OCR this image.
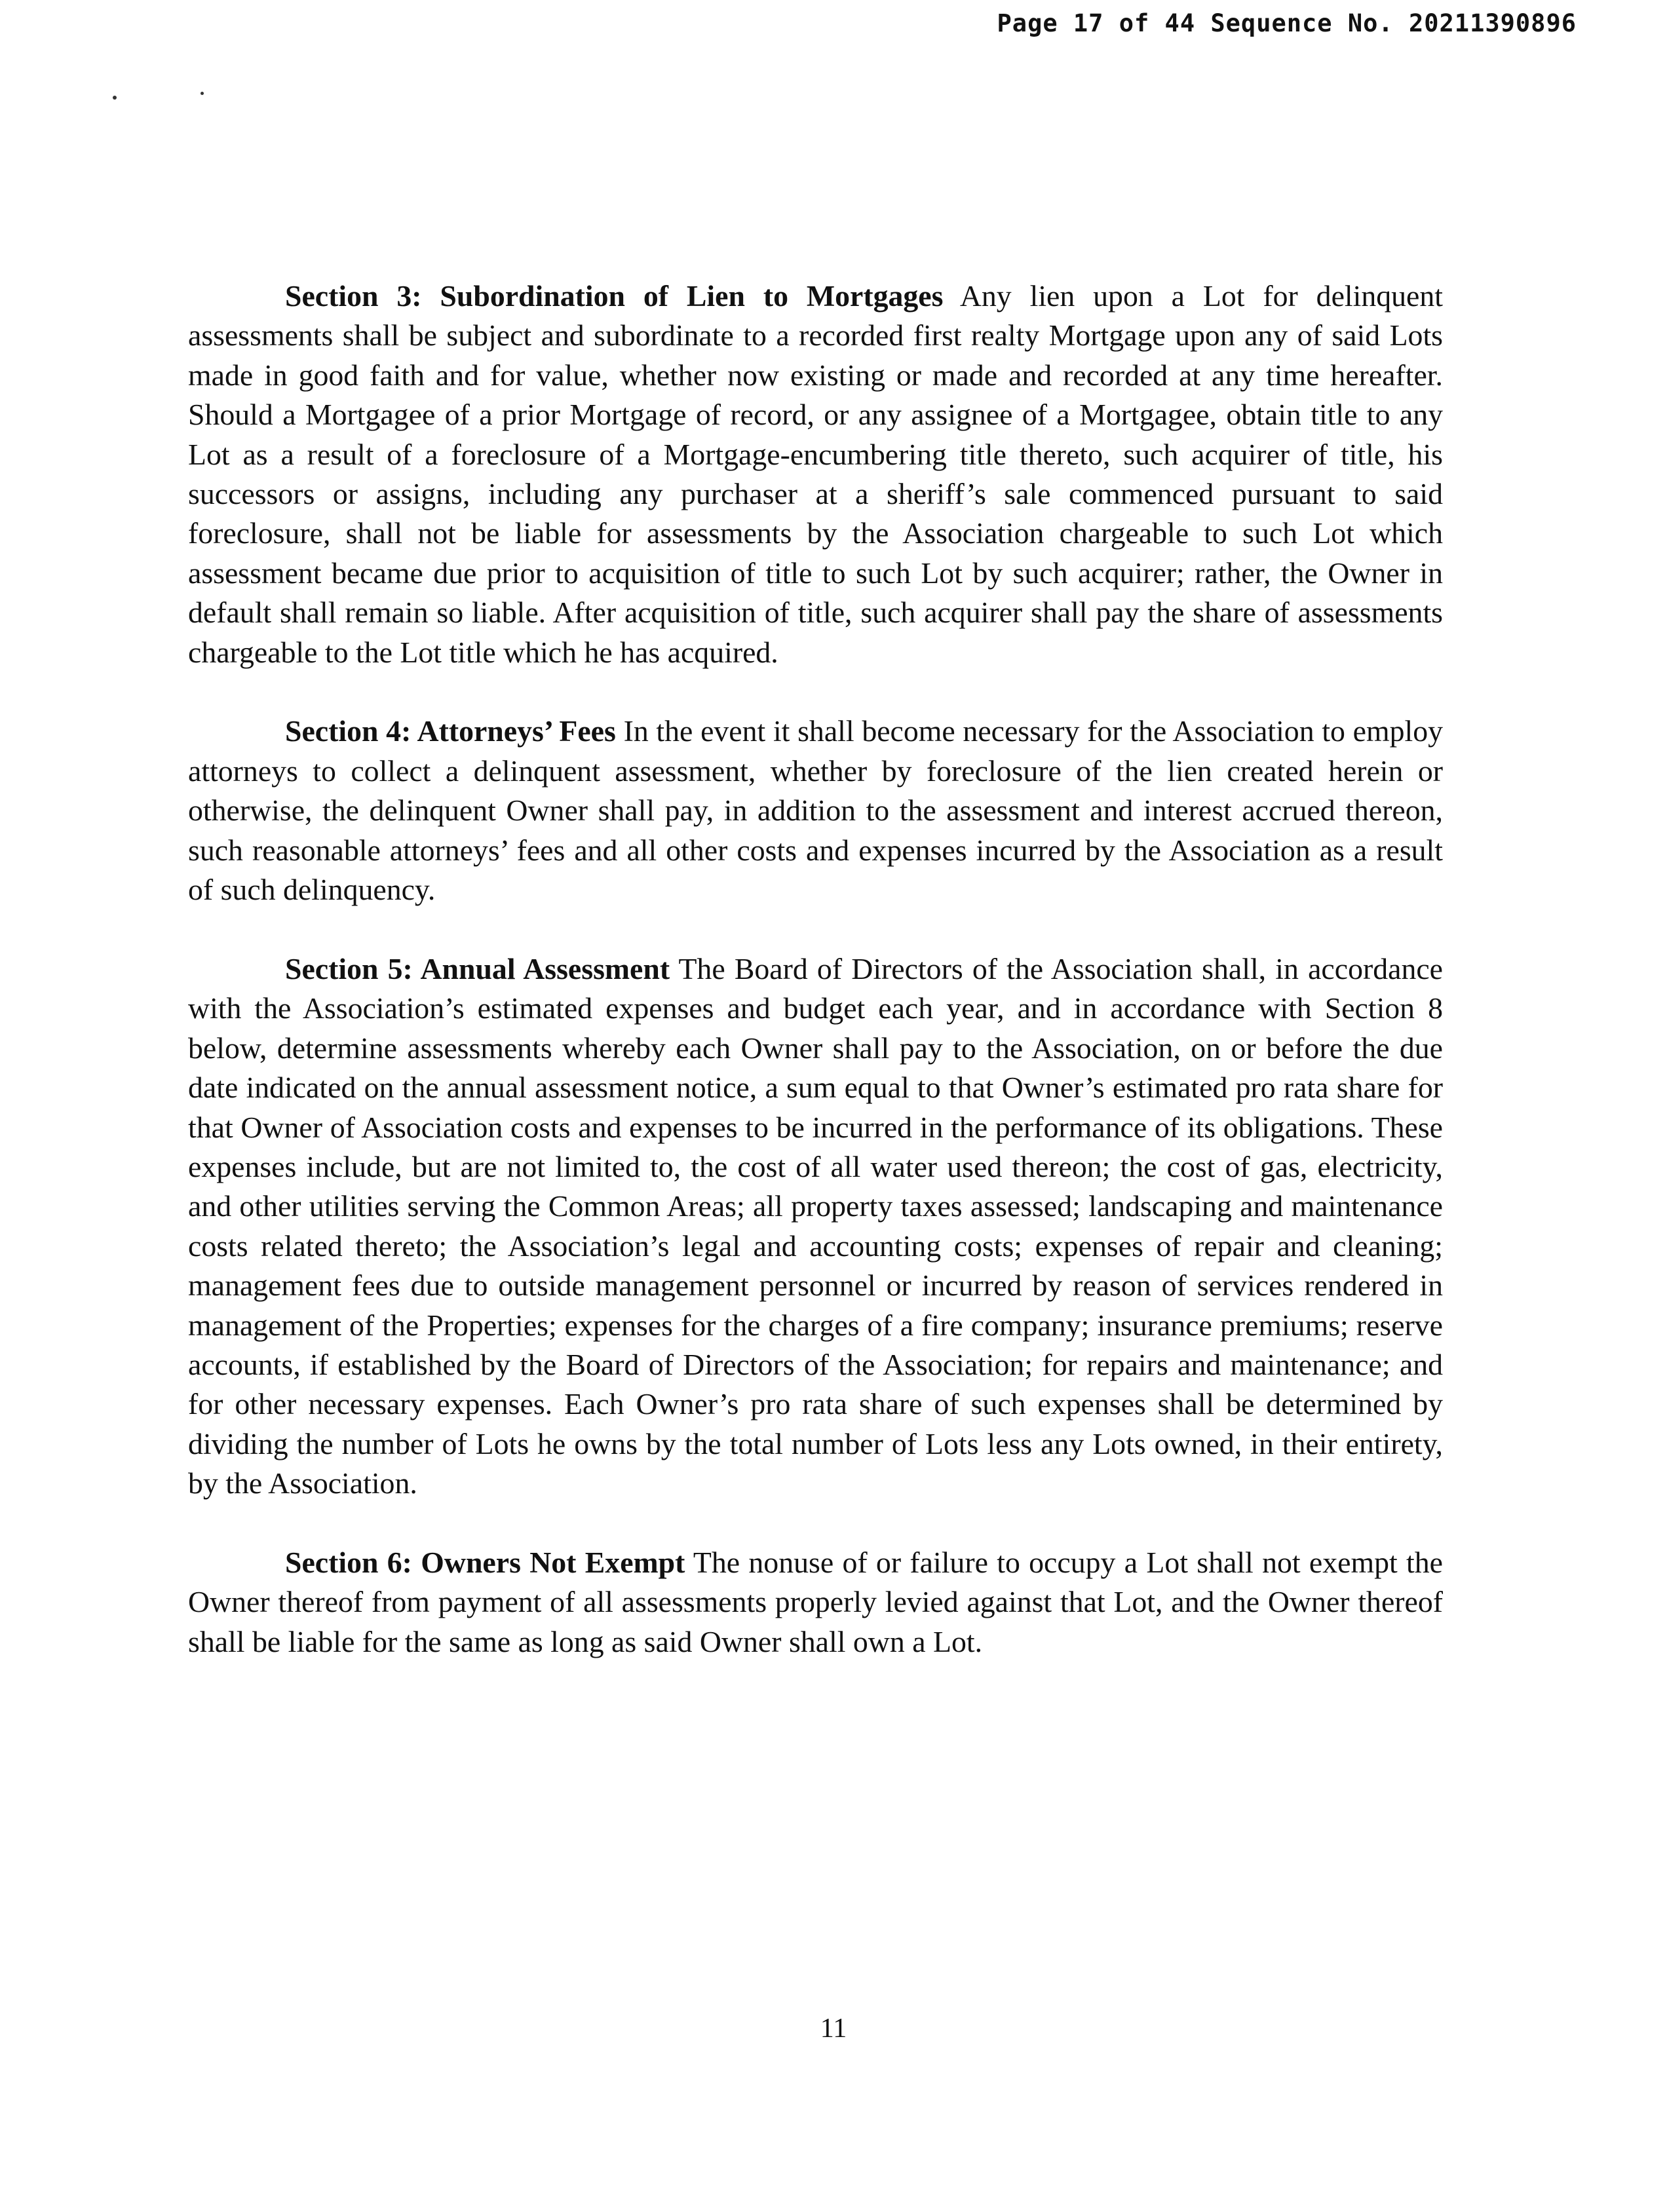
Page 17 of 44 Sequence No. 20211390896

Section 3: Subordination of Lien to Mortgages Any lien upon a Lot for delinquent assessments shall be subject and subordinate to a recorded first realty Mortgage upon any of said Lots made in good faith and for value, whether now existing or made and recorded at any time hereafter. Should a Mortgagee of a prior Mortgage of record, or any assignee of a Mortgagee, obtain title to any Lot as a result of a foreclosure of a Mortgage-encumbering title thereto, such acquirer of title, his successors or assigns, including any purchaser at a sheriff’s sale commenced pursuant to said foreclosure, shall not be liable for assessments by the Association chargeable to such Lot which assessment became due prior to acquisition of title to such Lot by such acquirer; rather, the Owner in default shall remain so liable. After acquisition of title, such acquirer shall pay the share of assessments chargeable to the Lot title which he has acquired.

Section 4: Attorneys’ Fees In the event it shall become necessary for the Association to employ attorneys to collect a delinquent assessment, whether by foreclosure of the lien created herein or otherwise, the delinquent Owner shall pay, in addition to the assessment and interest accrued thereon, such reasonable attorneys’ fees and all other costs and expenses incurred by the Association as a result of such delinquency.

Section 5: Annual Assessment The Board of Directors of the Association shall, in accordance with the Association’s estimated expenses and budget each year, and in accordance with Section 8 below, determine assessments whereby each Owner shall pay to the Association, on or before the due date indicated on the annual assessment notice, a sum equal to that Owner’s estimated pro rata share for that Owner of Association costs and expenses to be incurred in the performance of its obligations. These expenses include, but are not limited to, the cost of all water used thereon; the cost of gas, electricity, and other utilities serving the Common Areas; all property taxes assessed; landscaping and maintenance costs related thereto; the Association’s legal and accounting costs; expenses of repair and cleaning; management fees due to outside management personnel or incurred by reason of services rendered in management of the Properties; expenses for the charges of a fire company; insurance premiums; reserve accounts, if established by the Board of Directors of the Association; for repairs and maintenance; and for other necessary expenses. Each Owner’s pro rata share of such expenses shall be determined by dividing the number of Lots he owns by the total number of Lots less any Lots owned, in their entirety, by the Association.

Section 6: Owners Not Exempt The nonuse of or failure to occupy a Lot shall not exempt the Owner thereof from payment of all assessments properly levied against that Lot, and the Owner thereof shall be liable for the same as long as said Owner shall own a Lot.

11
